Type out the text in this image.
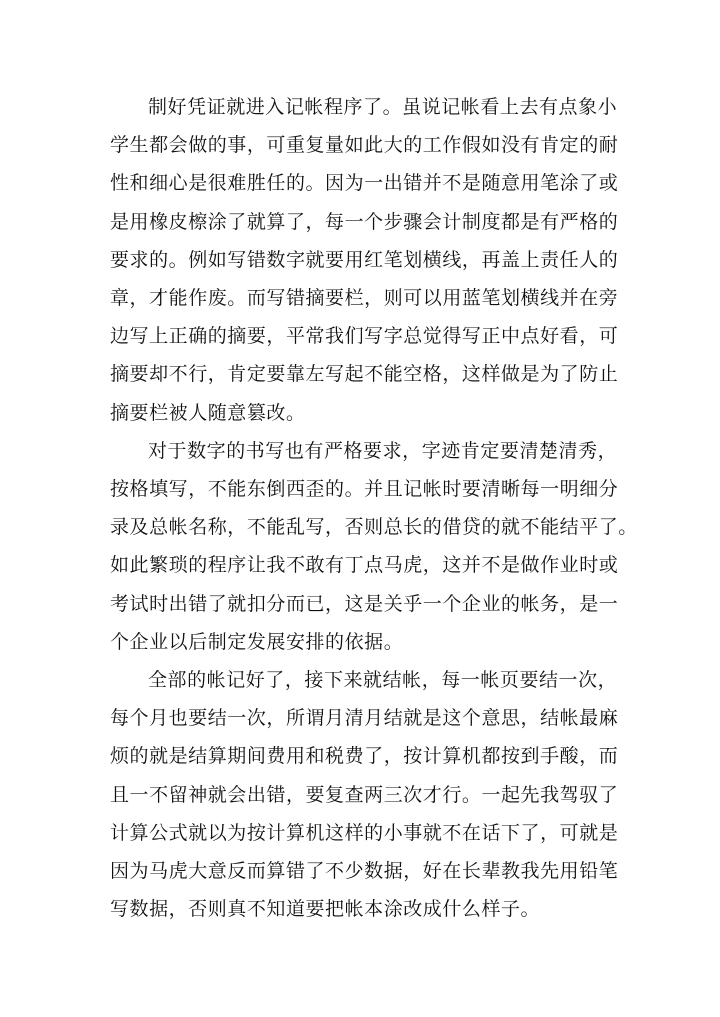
制好凭证就进入记帐程序了。虽说记帐看上去有点象小
学生都会做的事，可重复量如此大的工作假如没有肯定的耐
性和细心是很难胜任的。因为一出错并不是随意用笔涂了或
是用橡皮檫涂了就算了，每一个步骤会计制度都是有严格的
要求的。例如写错数字就要用红笔划横线，再盖上责任人的
章，才能作废。而写错摘要栏，则可以用蓝笔划横线并在旁
边写上正确的摘要，平常我们写字总觉得写正中点好看，可
摘要却不行，肯定要靠左写起不能空格，这样做是为了防止
摘要栏被人随意篡改。

对于数字的书写也有严格要求，字迹肯定要清楚清秀，
按格填写，不能东倒西歪的。并且记帐时要清晰每一明细分
录及总帐名称，不能乱写，否则总长的借贷的就不能结平了。
如此繁琐的程序让我不敢有丁点马虎，这并不是做作业时或
考试时出错了就扣分而已，这是关乎一个企业的帐务，是一
个企业以后制定发展安排的依据。

全部的帐记好了，接下来就结帐，每一帐页要结一次，
每个月也要结一次，所谓月清月结就是这个意思，结帐最麻
烦的就是结算期间费用和税费了，按计算机都按到手酸，而
且一不留神就会出错，要复查两三次才行。一起先我驾驭了
计算公式就以为按计算机这样的小事就不在话下了，可就是
因为马虎大意反而算错了不少数据，好在长辈教我先用铅笔
写数据，否则真不知道要把帐本涂改成什么样子。
